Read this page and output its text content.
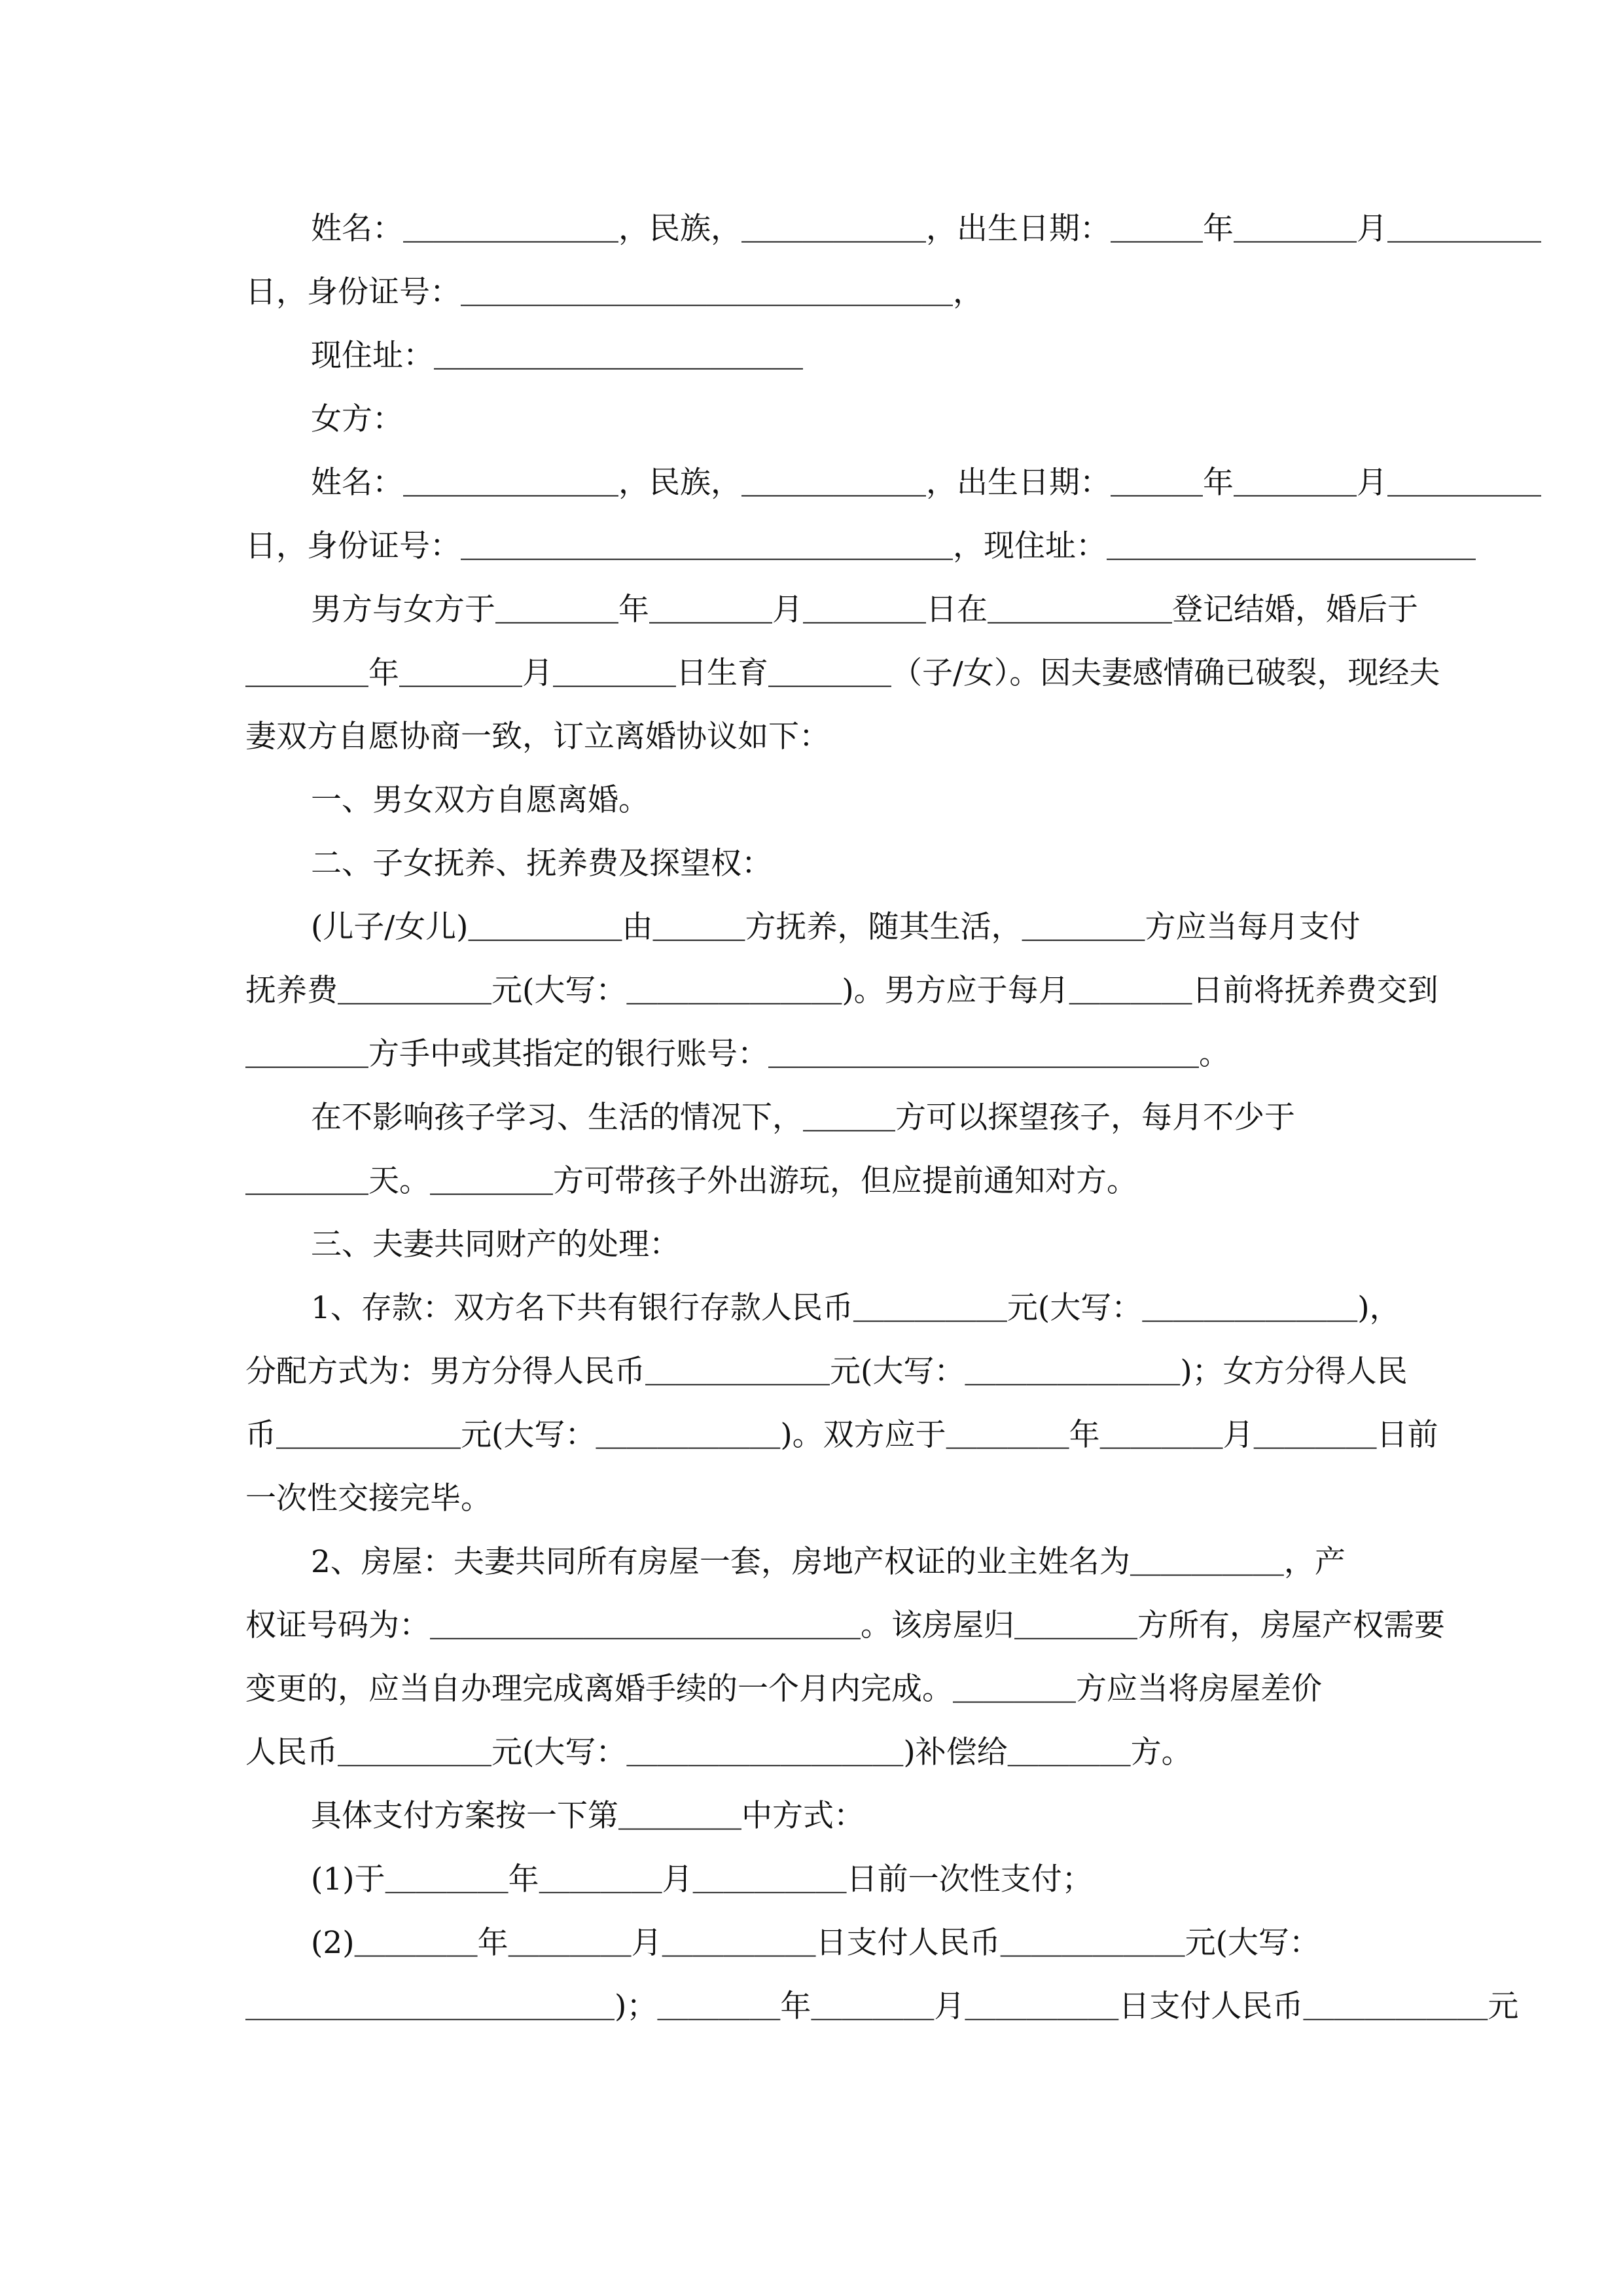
姓名：＿＿＿＿＿＿＿，民族，＿＿＿＿＿＿，出生日期：＿＿＿年＿＿＿＿月＿＿＿＿＿
日，身份证号：＿＿＿＿＿＿＿＿＿＿＿＿＿＿＿＿，
现住址：＿＿＿＿＿＿＿＿＿＿＿＿
女方：
姓名：＿＿＿＿＿＿＿，民族，＿＿＿＿＿＿，出生日期：＿＿＿年＿＿＿＿月＿＿＿＿＿
日，身份证号：＿＿＿＿＿＿＿＿＿＿＿＿＿＿＿＿，现住址：＿＿＿＿＿＿＿＿＿＿＿＿
男方与女方于＿＿＿＿年＿＿＿＿月＿＿＿＿日在＿＿＿＿＿＿登记结婚，婚后于
＿＿＿＿年＿＿＿＿月＿＿＿＿日生育＿＿＿＿（子/女）。因夫妻感情确已破裂，现经夫
妻双方自愿协商一致，订立离婚协议如下：
一、男女双方自愿离婚。
二、子女抚养、抚养费及探望权：
(儿子/女儿)＿＿＿＿＿由＿＿＿方抚养，随其生活，＿＿＿＿方应当每月支付
抚养费＿＿＿＿＿元(大写：＿＿＿＿＿＿＿)。男方应于每月＿＿＿＿日前将抚养费交到
＿＿＿＿方手中或其指定的银行账号：＿＿＿＿＿＿＿＿＿＿＿＿＿＿。
在不影响孩子学习、生活的情况下，＿＿＿方可以探望孩子，每月不少于
＿＿＿＿天。＿＿＿＿方可带孩子外出游玩，但应提前通知对方。
三、夫妻共同财产的处理：
1、存款：双方名下共有银行存款人民币＿＿＿＿＿元(大写：＿＿＿＿＿＿＿)，
分配方式为：男方分得人民币＿＿＿＿＿＿元(大写：＿＿＿＿＿＿＿)；女方分得人民
币＿＿＿＿＿＿元(大写：＿＿＿＿＿＿)。双方应于＿＿＿＿年＿＿＿＿月＿＿＿＿日前
一次性交接完毕。
2、房屋：夫妻共同所有房屋一套，房地产权证的业主姓名为＿＿＿＿＿，产
权证号码为：＿＿＿＿＿＿＿＿＿＿＿＿＿＿。该房屋归＿＿＿＿方所有，房屋产权需要
变更的，应当自办理完成离婚手续的一个月内完成。＿＿＿＿方应当将房屋差价
人民币＿＿＿＿＿元(大写：＿＿＿＿＿＿＿＿＿)补偿给＿＿＿＿方。
具体支付方案按一下第＿＿＿＿中方式：
(1)于＿＿＿＿年＿＿＿＿月＿＿＿＿＿日前一次性支付；
(2)＿＿＿＿年＿＿＿＿月＿＿＿＿＿日支付人民币＿＿＿＿＿＿元(大写：
＿＿＿＿＿＿＿＿＿＿＿＿)；＿＿＿＿年＿＿＿＿月＿＿＿＿＿日支付人民币＿＿＿＿＿＿元
